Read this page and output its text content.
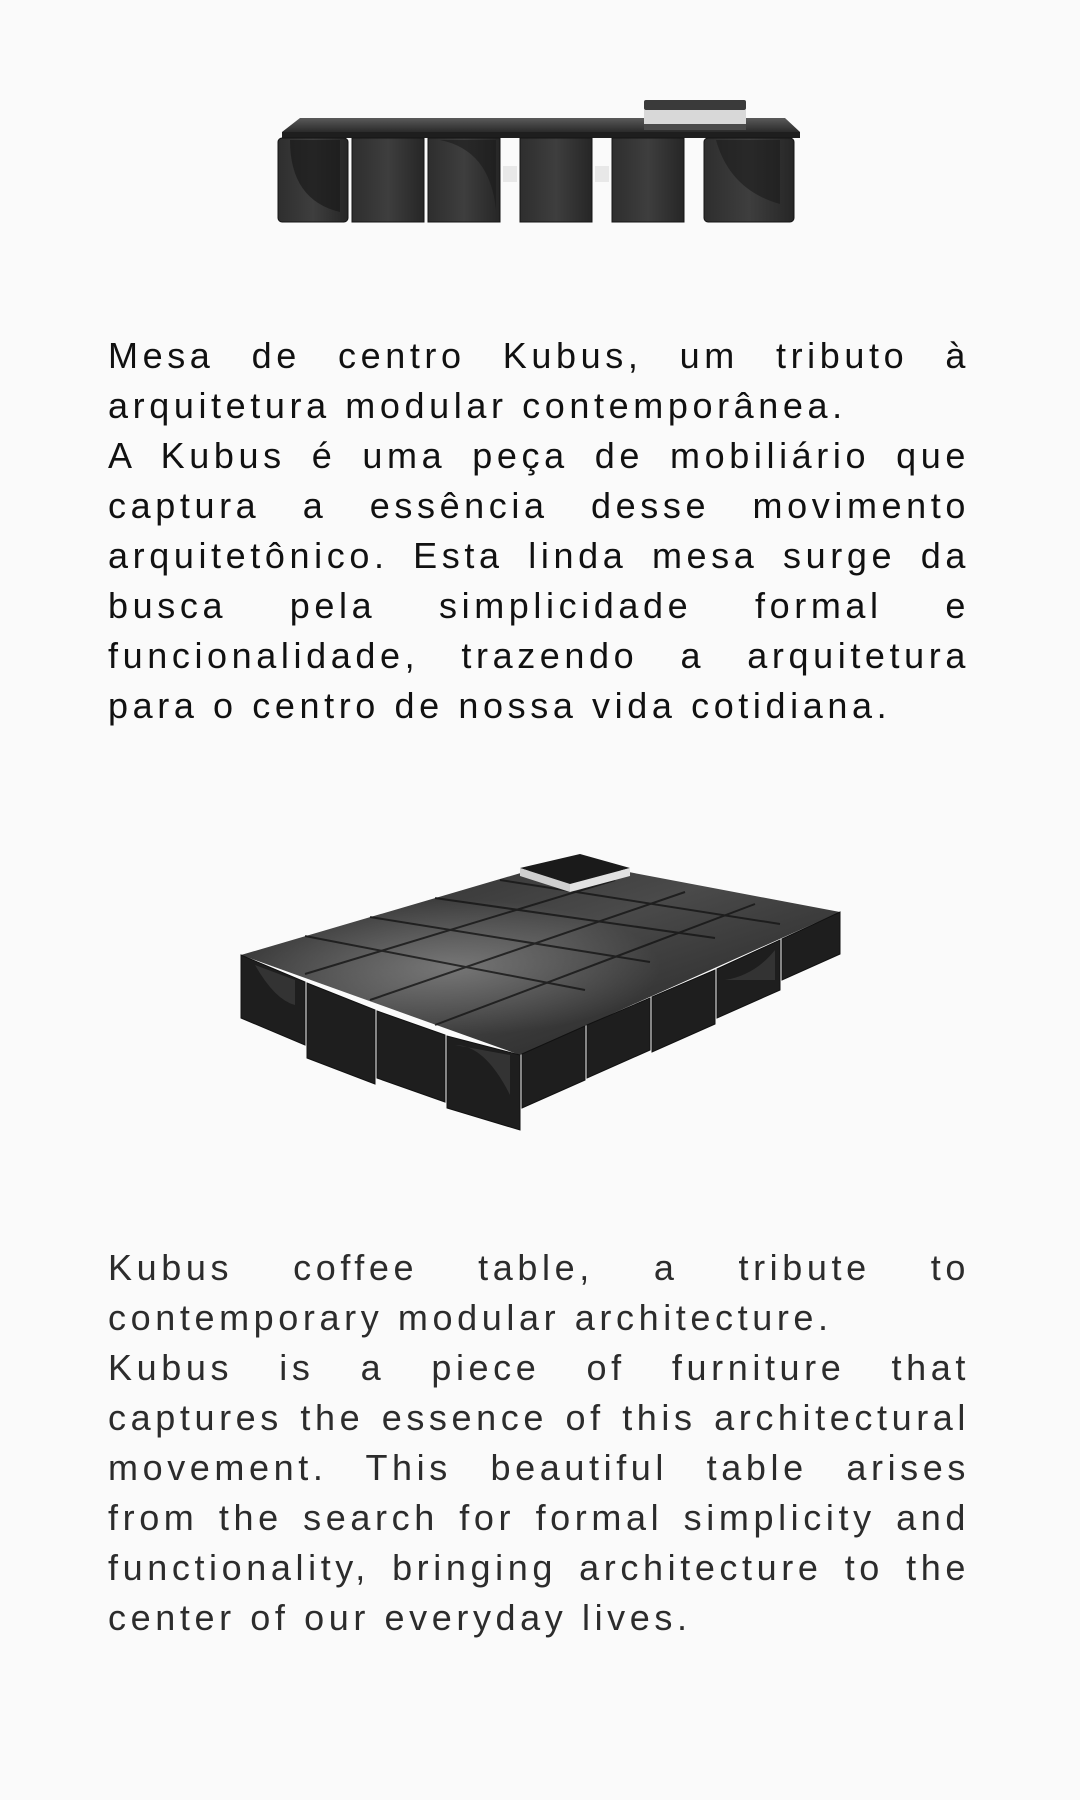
Mesa de centro Kubus, um tributo à arquitetura modular contemporânea.

A Kubus é uma peça de mobiliário que captura a essência desse movimento arquitetônico. Esta linda mesa surge da busca pela simplicidade formal e funcionalidade, trazendo a arquitetura para o centro de nossa vida cotidiana.

Kubus coffee table, a tribute to contemporary modular architecture.

Kubus is a piece of furniture that captures the essence of this architectural movement. This beautiful table arises from the search for formal simplicity and functionality, bringing architecture to the center of our everyday lives.
